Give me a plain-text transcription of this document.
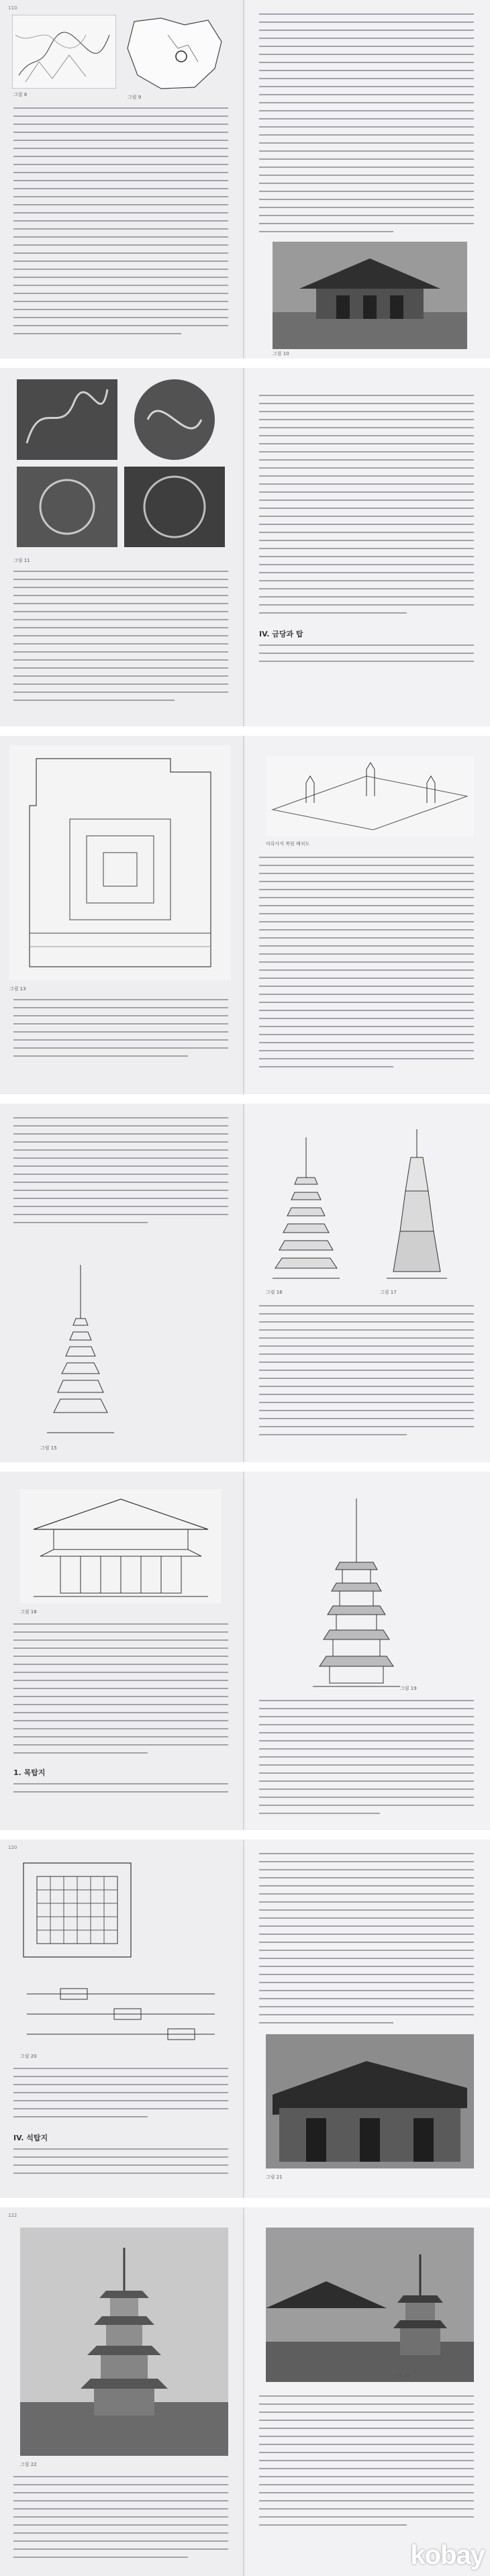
110
그림 8	그림 9
그림 10
그림 11
IV. 금당과 탑
그림 13
미륵사지 복원 배치도
그림 15
그림 16	그림 17
그림 18
1. 목탑지
그림 19
120
그림 20
IV. 석탑지
그림 21
122
그림 22
그림 23
kobay
